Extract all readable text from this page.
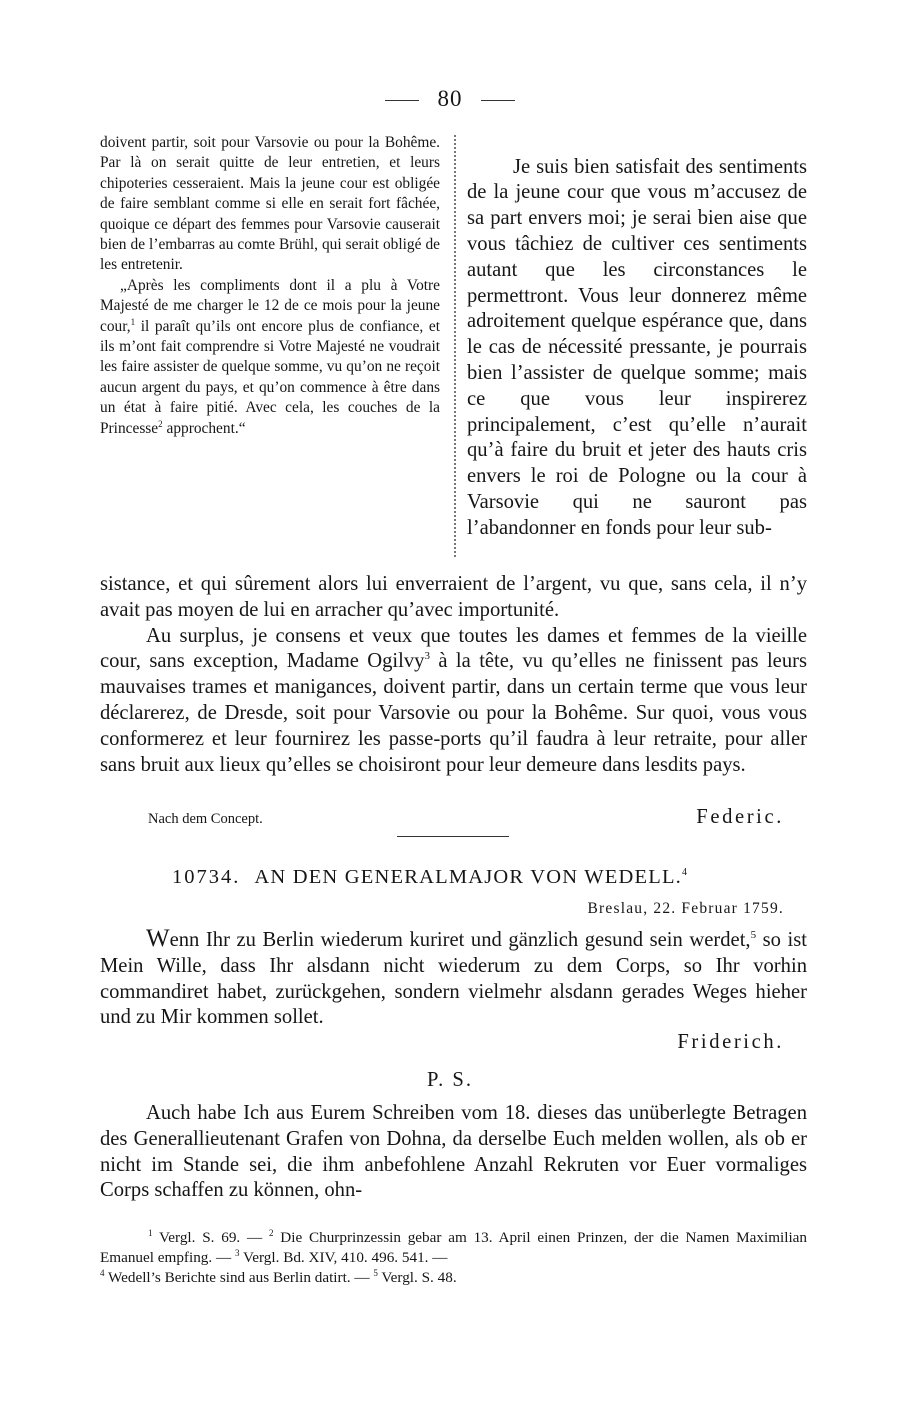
80

doivent partir, soit pour Varsovie ou pour la Bohême. Par là on serait quitte de leur entretien, et leurs chipoteries cesseraient. Mais la jeune cour est obligée de faire semblant comme si elle en serait fort fâchée, quoique ce départ des femmes pour Varsovie causerait bien de l’embarras au comte Brühl, qui serait obligé de les entretenir.

„Après les compliments dont il a plu à Votre Majesté de me charger le 12 de ce mois pour la jeune cour,$^1$ il paraît qu’ils ont encore plus de confiance, et ils m’ont fait comprendre si Votre Majesté ne voudrait les faire assister de quelque somme, vu qu’on ne reçoit aucun argent du pays, et qu’on commence à être dans un état à faire pitié. Avec cela, les couches de la Princesse$^2$ approchent.“

Je suis bien satisfait des sentiments de la jeune cour que vous m’accusez de sa part envers moi; je serai bien aise que vous tâchiez de cultiver ces sentiments autant que les circonstances le permettront. Vous leur donnerez même adroitement quelque espérance que, dans le cas de nécessité pressante, je pourrais bien l’assister de quelque somme; mais ce que vous leur inspirerez principalement, c’est qu’elle n’aurait qu’à faire du bruit et jeter des hauts cris envers le roi de Pologne ou la cour à Varsovie qui ne sauront pas l’abandonner en fonds pour leur sub-

sistance, et qui sûrement alors lui enverraient de l’argent, vu que, sans cela, il n’y avait pas moyen de lui en arracher qu’avec importunité.

Au surplus, je consens et veux que toutes les dames et femmes de la vieille cour, sans exception, Madame Ogilvy$^3$ à la tête, vu qu’elles ne finissent pas leurs mauvaises trames et manigances, doivent partir, dans un certain terme que vous leur déclarerez, de Dresde, soit pour Varsovie ou pour la Bohême. Sur quoi, vous vous conformerez et leur fournirez les passe-ports qu’il faudra à leur retraite, pour aller sans bruit aux lieux qu’elles se choisiront pour leur demeure dans lesdits pays.

Nach dem Concept.	Federic.
10734. AN DEN GENERALMAJOR VON WEDELL.$^4$
Breslau, 22. Februar 1759.

Wenn Ihr zu Berlin wiederum kuriret und gänzlich gesund sein werdet,$^5$ so ist Mein Wille, dass Ihr alsdann nicht wiederum zu dem Corps, so Ihr vorhin commandiret habet, zurückgehen, sondern vielmehr alsdann gerades Weges hieher und zu Mir kommen sollet.

Friderich.
P. S.

Auch habe Ich aus Eurem Schreiben vom 18. dieses das unüberlegte Betragen des Generallieutenant Grafen von Dohna, da derselbe Euch melden wollen, als ob er nicht im Stande sei, die ihm anbefohlene Anzahl Rekruten vor Euer vormaliges Corps schaffen zu können, ohn-

$^1$ Vergl. S. 69. — $^2$ Die Churprinzessin gebar am 13. April einen Prinzen, der die Namen Maximilian Emanuel empfing. — $^3$ Vergl. Bd. XIV, 410. 496. 541. —
$^4$ Wedell’s Berichte sind aus Berlin datirt. — $^5$ Vergl. S. 48.
